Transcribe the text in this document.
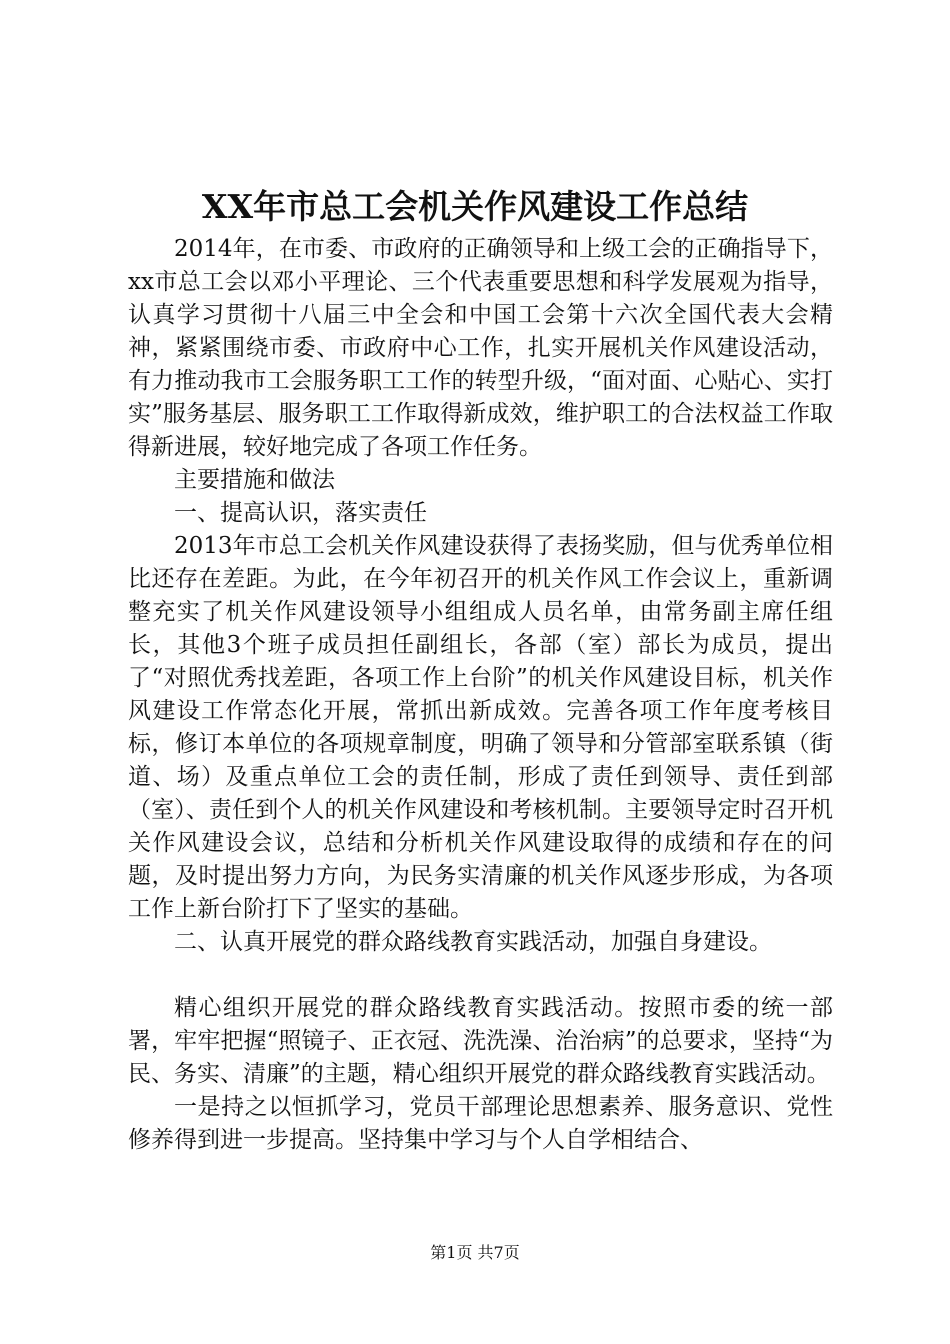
XX年市总工会机关作风建设工作总结

2014年，在市委、市政府的正确领导和上级工会的正确指导下，xx市总工会以邓小平理论、三个代表重要思想和科学发展观为指导，认真学习贯彻十八届三中全会和中国工会第十六次全国代表大会精神，紧紧围绕市委、市政府中心工作，扎实开展机关作风建设活动，有力推动我市工会服务职工工作的转型升级，“面对面、心贴心、实打实”服务基层、服务职工工作取得新成效，维护职工的合法权益工作取得新进展，较好地完成了各项工作任务。

主要措施和做法

一、提高认识，落实责任

2013年市总工会机关作风建设获得了表扬奖励，但与优秀单位相比还存在差距。为此，在今年初召开的机关作风工作会议上，重新调整充实了机关作风建设领导小组组成人员名单，由常务副主席任组长，其他3个班子成员担任副组长，各部（室）部长为成员，提出了“对照优秀找差距，各项工作上台阶”的机关作风建设目标，机关作风建设工作常态化开展，常抓出新成效。完善各项工作年度考核目标，修订本单位的各项规章制度，明确了领导和分管部室联系镇（街道、场）及重点单位工会的责任制，形成了责任到领导、责任到部（室）、责任到个人的机关作风建设和考核机制。主要领导定时召开机关作风建设会议，总结和分析机关作风建设取得的成绩和存在的问题，及时提出努力方向，为民务实清廉的机关作风逐步形成，为各项工作上新台阶打下了坚实的基础。

二、认真开展党的群众路线教育实践活动，加强自身建设。

精心组织开展党的群众路线教育实践活动。按照市委的统一部署，牢牢把握“照镜子、正衣冠、洗洗澡、治治病”的总要求，坚持“为民、务实、清廉”的主题，精心组织开展党的群众路线教育实践活动。

一是持之以恒抓学习，党员干部理论思想素养、服务意识、党性修养得到进一步提高。坚持集中学习与个人自学相结合、

第1页 共7页
